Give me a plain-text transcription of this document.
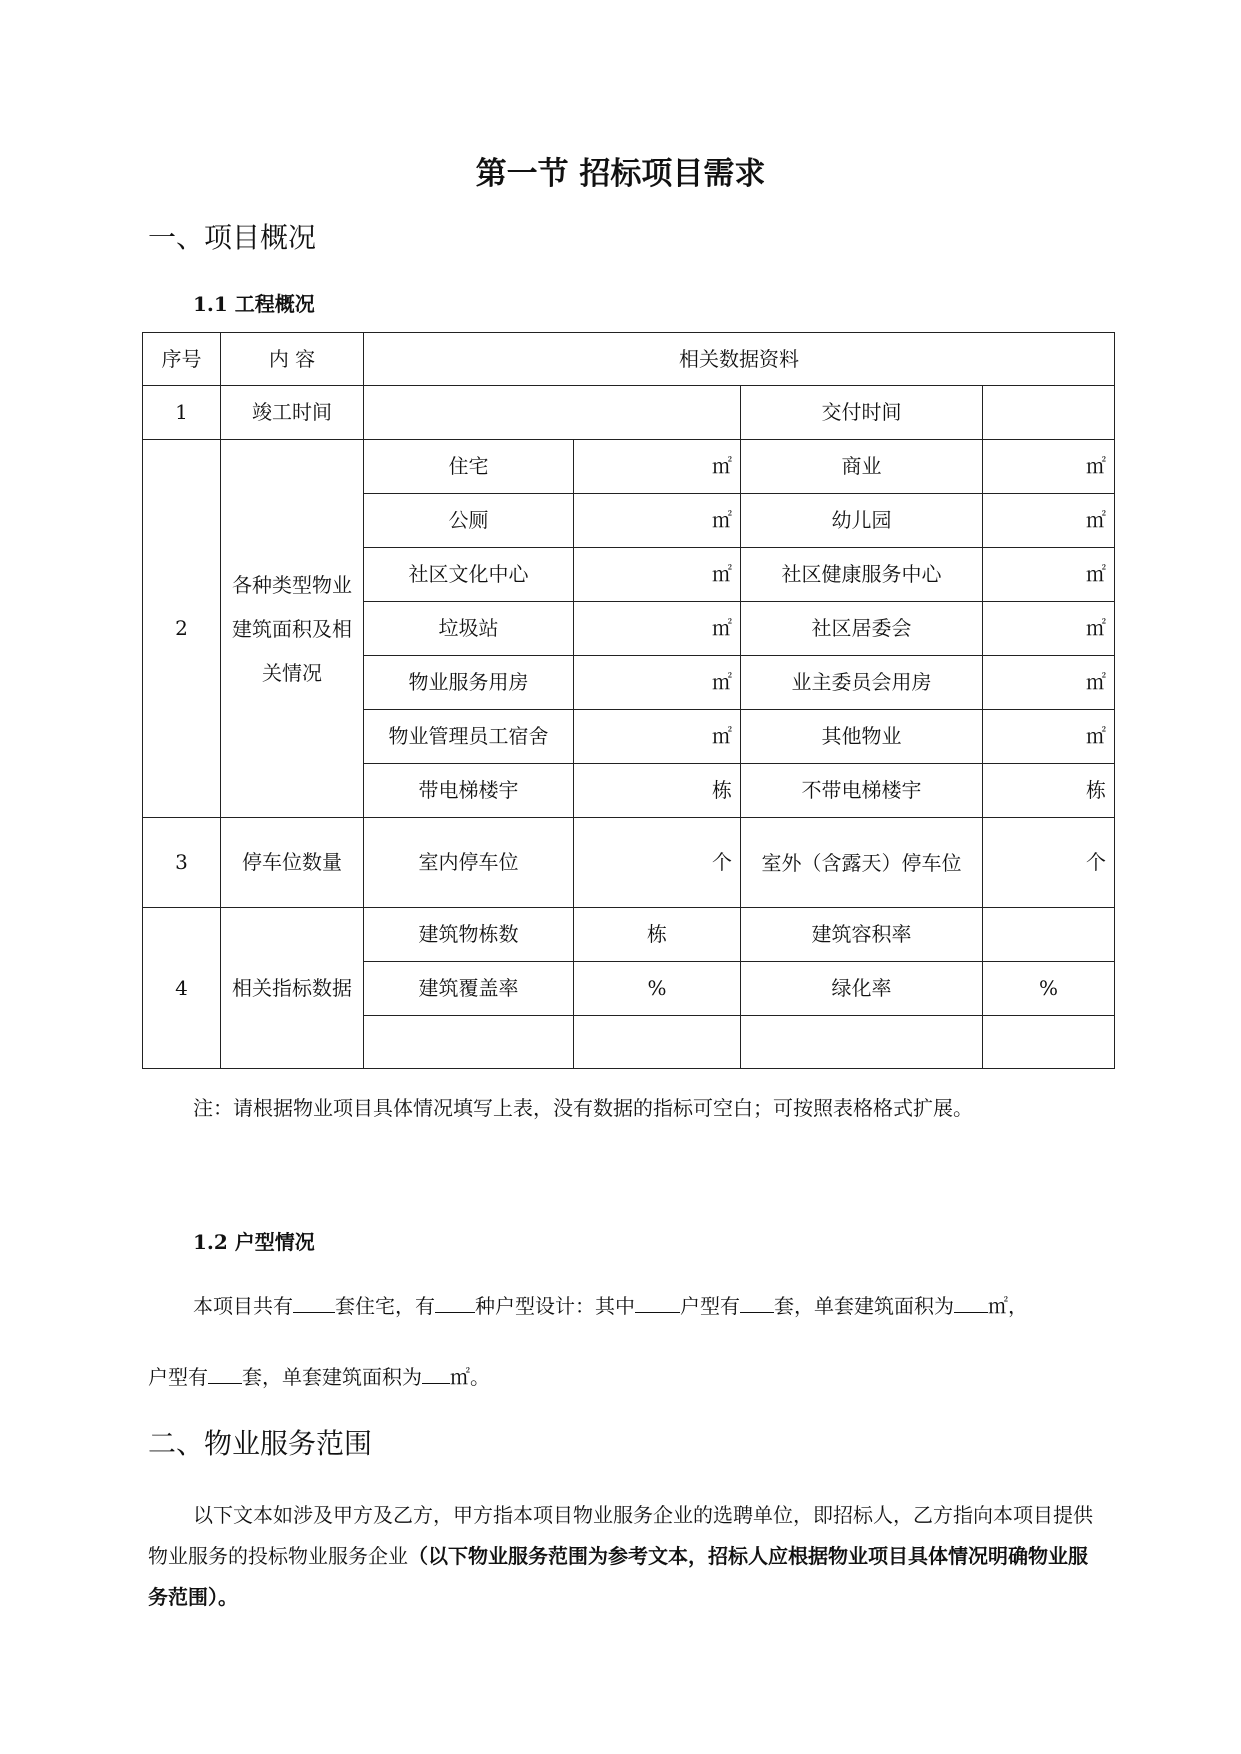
第一节 招标项目需求
一、项目概况
1.1 工程概况
序号	内 容	相关数据资料			
1	竣工时间			交付时间	
2	各种类型物业建筑面积及相关情况	住宅	㎡	商业	㎡
		公厕	㎡	幼儿园	㎡
		社区文化中心	㎡	社区健康服务中心	㎡
		垃圾站	㎡	社区居委会	㎡
		物业服务用房	㎡	业主委员会用房	㎡
		物业管理员工宿舍	㎡	其他物业	㎡
		带电梯楼宇	栋	不带电梯楼宇	栋
3	停车位数量	室内停车位	个	室外（含露天）停车位	个
4	相关指标数据	建筑物栋数	栋	建筑容积率	
		建筑覆盖率	%	绿化率	%

注：请根据物业项目具体情况填写上表，没有数据的指标可空白；可按照表格格式扩展。
1.2 户型情况
本项目共有 套住宅，有 种户型设计：其中 户型有 套，单套建筑面积为 ㎡，
户型有 套，单套建筑面积为 ㎡。
二、物业服务范围
以下文本如涉及甲方及乙方，甲方指本项目物业服务企业的选聘单位，即招标人，乙方指向本项目提供物业服务的投标物业服务企业（以下物业服务范围为参考文本，招标人应根据物业项目具体情况明确物业服务范围）。
